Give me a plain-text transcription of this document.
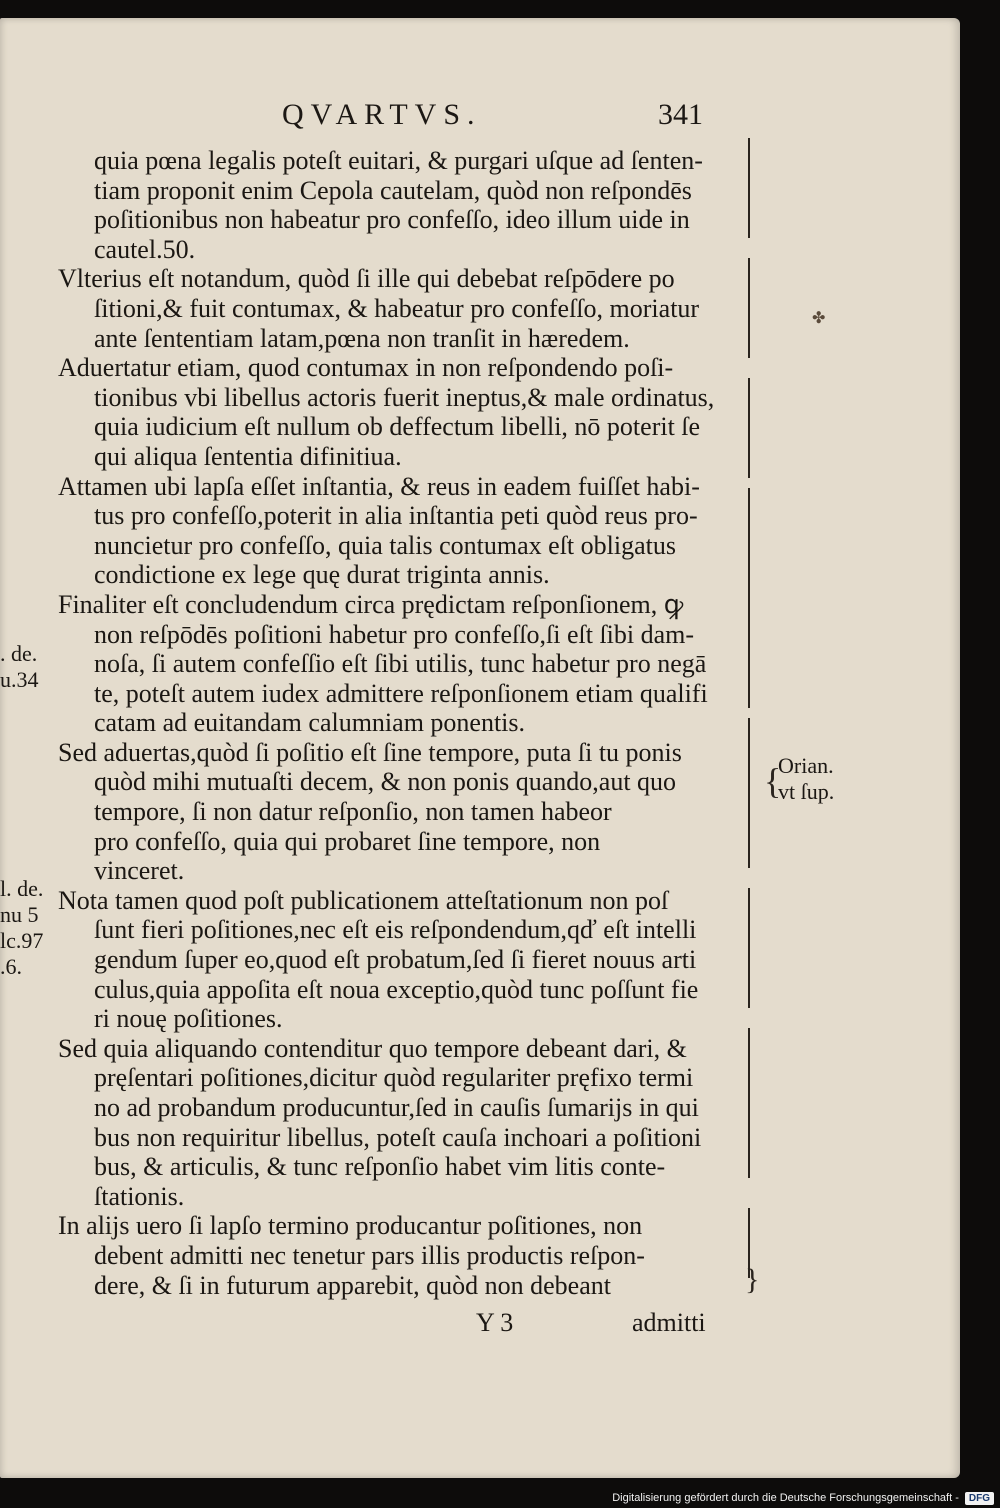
QVARTVS.	341
quia pœna legalis poteſt euitari, & purgari uſque ad ſenten-
tiam proponit enim Cepola cautelam, quòd non reſpondēs
poſitionibus non habeatur pro confeſſo, ideo illum uide in
cautel.50.
Vlterius eſt notandum, quòd ſi ille qui debebat reſpōdere po
ſitioni,& fuit contumax, & habeatur pro confeſſo, moriatur
ante ſententiam latam,pœna non tranſit in hæredem.
Aduertatur etiam, quod contumax in non reſpondendo poſi-
tionibus vbi libellus actoris fuerit ineptus,& male ordinatus,
quia iudicium eſt nullum ob deffectum libelli, nō poterit ſe
qui aliqua ſententia difinitiua.
Attamen ubi lapſa eſſet inſtantia, & reus in eadem fuiſſet habi-
tus pro confeſſo,poterit in alia inſtantia peti quòd reus pro-
nuncietur pro confeſſo, quia talis contumax eſt obligatus
condictione ex lege quę durat triginta annis.
Finaliter eſt concludendum circa prędictam reſponſionem, ꝙ
non reſpōdēs poſitioni habetur pro confeſſo,ſi eſt ſibi dam-
noſa, ſi autem confeſſio eſt ſibi utilis, tunc habetur pro negā
te, poteſt autem iudex admittere reſponſionem etiam qualifi
catam ad euitandam calumniam ponentis.
Sed aduertas,quòd ſi poſitio eſt ſine tempore, puta ſi tu ponis
quòd mihi mutuaſti decem, & non ponis quando,aut quo
tempore, ſi non datur reſponſio, non tamen habeor
pro confeſſo, quia qui probaret ſine tempore, non
vinceret.
Nota tamen quod poſt publicationem atteſtationum non poſ
ſunt fieri poſitiones,nec eſt eis reſpondendum,qď eſt intelli
gendum ſuper eo,quod eſt probatum,ſed ſi fieret nouus arti
culus,quia appoſita eſt noua exceptio,quòd tunc poſſunt fie
ri nouę poſitiones.
Sed quia aliquando contenditur quo tempore debeant dari, &
pręſentari poſitiones,dicitur quòd regulariter pręfixo termi
no ad probandum producuntur,ſed in cauſis ſumarijs in qui
bus non requiritur libellus, poteſt cauſa inchoari a poſitioni
bus, & articulis, & tunc reſponſio habet vim litis conte-
ſtationis.
In alijs uero ſi lapſo termino producantur poſitiones, non
debent admitti nec tenetur pars illis productis reſpon-
dere, & ſi in futurum apparebit, quòd non debeant
. de.
u.34
l. de.
nu 5
lc.97
.6.
Orian.
vt ſup.
}
{
✤
Y 3	admitti
Digitalisierung gefördert durch die Deutsche Forschungsgemeinschaft -	DFG
